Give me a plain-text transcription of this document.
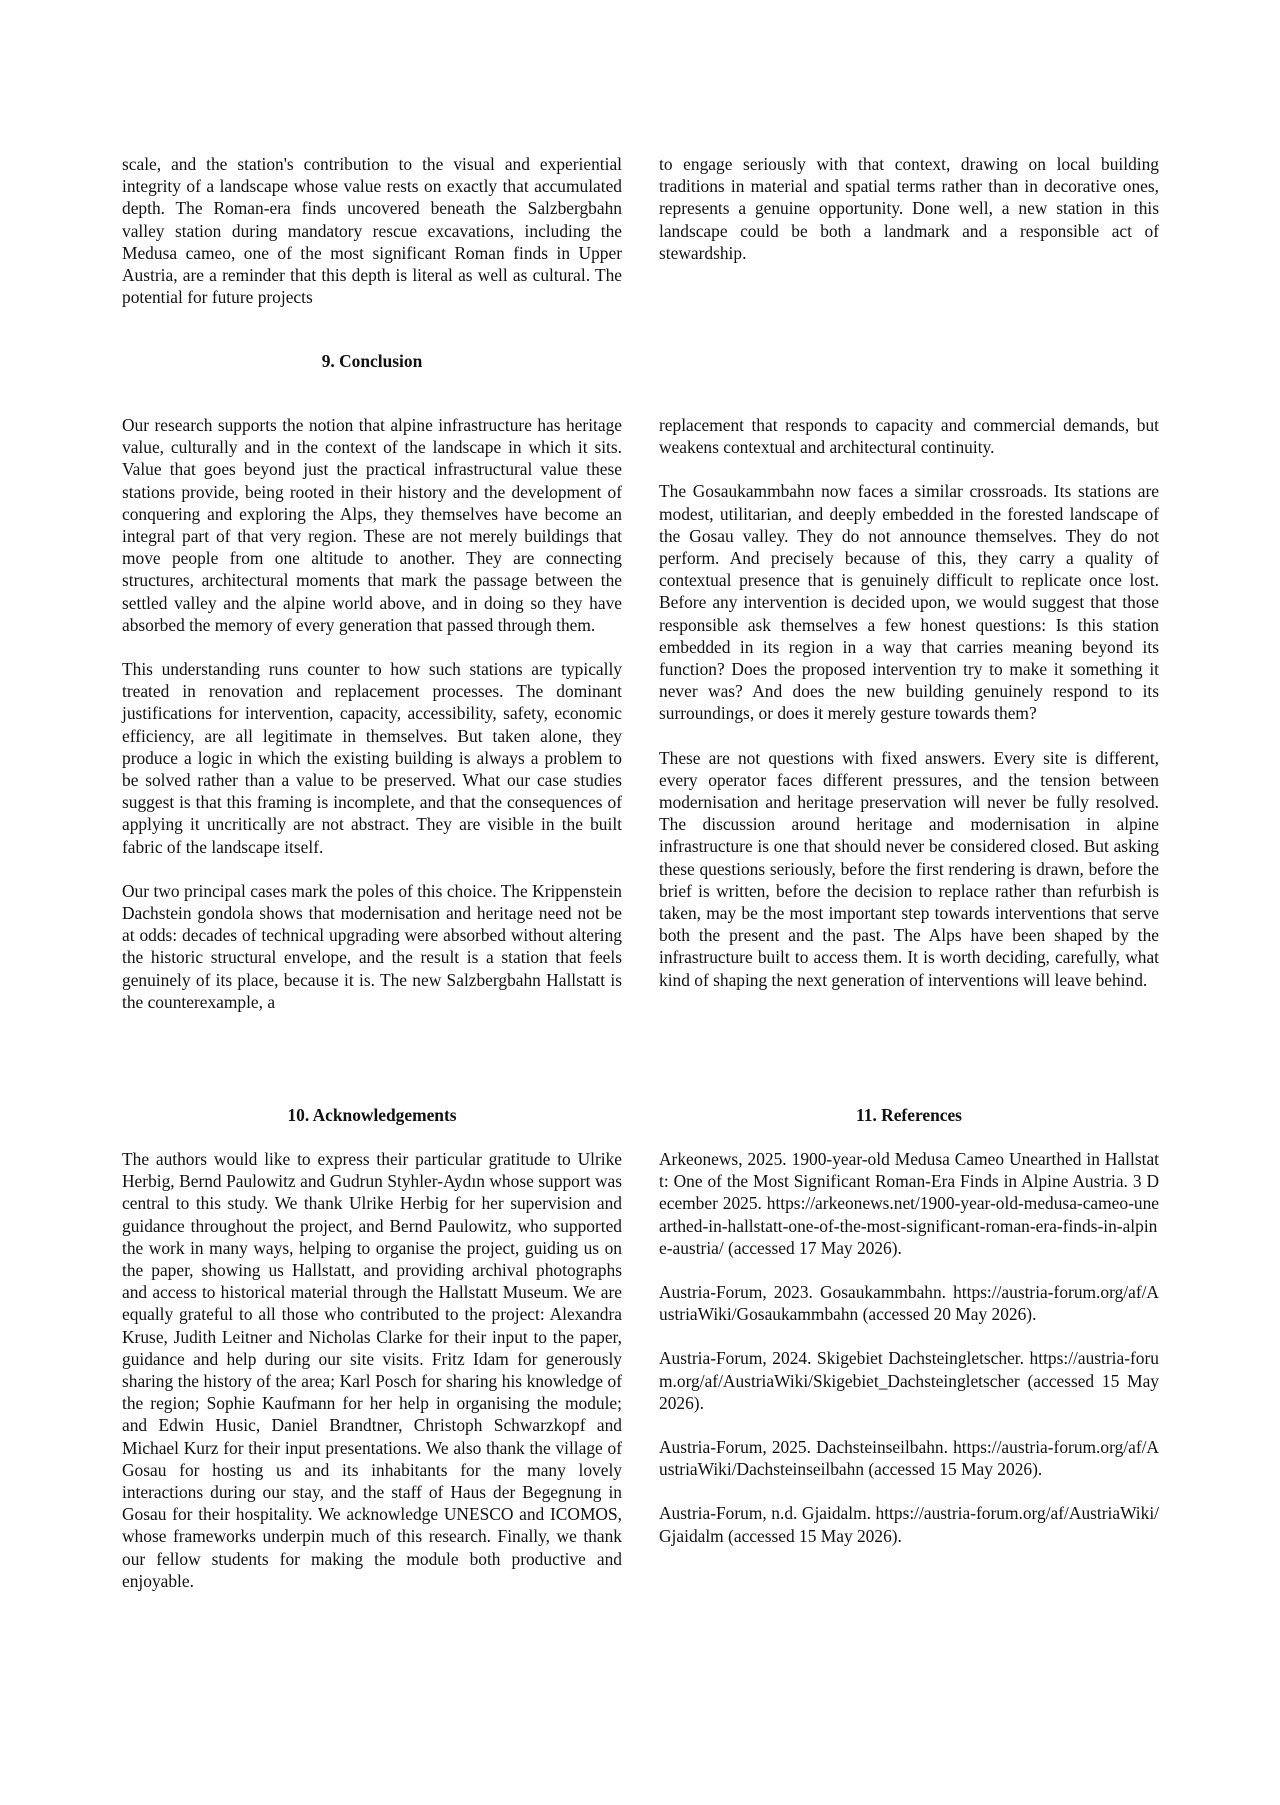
scale, and the station's contribution to the visual and experiential integrity of a landscape whose value rests on exactly that accumulated depth. The Roman-era finds uncovered beneath the Salzbergbahn valley station during mandatory rescue excavations, including the Medusa cameo, one of the most significant Roman finds in Upper Austria, are a reminder that this depth is literal as well as cultural. The potential for future projects

to engage seriously with that context, drawing on local building traditions in material and spatial terms rather than in decorative ones, represents a genuine opportunity. Done well, a new station in this landscape could be both a landmark and a responsible act of stewardship.

9. Conclusion

Our research supports the notion that alpine infrastructure has heritage value, culturally and in the context of the landscape in which it sits. Value that goes beyond just the practical infrastructural value these stations provide, being rooted in their history and the development of conquering and exploring the Alps, they themselves have become an integral part of that very region. These are not merely buildings that move people from one altitude to another. They are connecting structures, architectural moments that mark the passage between the settled valley and the alpine world above, and in doing so they have absorbed the memory of every generation that passed through them.

This understanding runs counter to how such stations are typically treated in renovation and replacement processes. The dominant justifications for intervention, capacity, accessibility, safety, economic efficiency, are all legitimate in themselves. But taken alone, they produce a logic in which the existing building is always a problem to be solved rather than a value to be preserved. What our case studies suggest is that this framing is incomplete, and that the consequences of applying it uncritically are not abstract. They are visible in the built fabric of the landscape itself.

Our two principal cases mark the poles of this choice. The Krippenstein Dachstein gondola shows that modernisation and heritage need not be at odds: decades of technical upgrading were absorbed without altering the historic structural envelope, and the result is a station that feels genuinely of its place, because it is. The new Salzbergbahn Hallstatt is the counterexample, a

replacement that responds to capacity and commercial demands, but weakens contextual and architectural continuity.

The Gosaukammbahn now faces a similar crossroads. Its stations are modest, utilitarian, and deeply embedded in the forested landscape of the Gosau valley. They do not announce themselves. They do not perform. And precisely because of this, they carry a quality of contextual presence that is genuinely difficult to replicate once lost. Before any intervention is decided upon, we would suggest that those responsible ask themselves a few honest questions: Is this station embedded in its region in a way that carries meaning beyond its function? Does the proposed intervention try to make it something it never was? And does the new building genuinely respond to its surroundings, or does it merely gesture towards them?

These are not questions with fixed answers. Every site is different, every operator faces different pressures, and the tension between modernisation and heritage preservation will never be fully resolved. The discussion around heritage and modernisation in alpine infrastructure is one that should never be considered closed. But asking these questions seriously, before the first rendering is drawn, before the brief is written, before the decision to replace rather than refurbish is taken, may be the most important step towards interventions that serve both the present and the past. The Alps have been shaped by the infrastructure built to access them. It is worth deciding, carefully, what kind of shaping the next generation of interventions will leave behind.

10. Acknowledgements

The authors would like to express their particular gratitude to Ulrike Herbig, Bernd Paulowitz and Gudrun Styhler-Aydın whose support was central to this study. We thank Ulrike Herbig for her supervision and guidance throughout the project, and Bernd Paulowitz, who supported the work in many ways, helping to organise the project, guiding us on the paper, showing us Hallstatt, and providing archival photographs and access to historical material through the Hallstatt Museum. We are equally grateful to all those who contributed to the project: Alexandra Kruse, Judith Leitner and Nicholas Clarke for their input to the paper, guidance and help during our site visits. Fritz Idam for generously sharing the history of the area; Karl Posch for sharing his knowledge of the region; Sophie Kaufmann for her help in organising the module; and Edwin Husic, Daniel Brandtner, Christoph Schwarzkopf and Michael Kurz for their input presentations. We also thank the village of Gosau for hosting us and its inhabitants for the many lovely interactions during our stay, and the staff of Haus der Begegnung in Gosau for their hospitality. We acknowledge UNESCO and ICOMOS, whose frameworks underpin much of this research. Finally, we thank our fellow students for making the module both productive and enjoyable.

11. References

Arkeonews, 2025. 1900-year-old Medusa Cameo Unearthed in Hallstatt: One of the Most Significant Roman-Era Finds in Alpine Austria. 3 December 2025. https://arkeonews.net/1900-year-old-medusa-cameo-unearthed-in-hallstatt-one-of-the-most-significant-roman-era-finds-in-alpine-austria/ (accessed 17 May 2026).

Austria-Forum, 2023. Gosaukammbahn. https://austria-forum.org/af/AustriaWiki/Gosaukammbahn (accessed 20 May 2026).

Austria-Forum, 2024. Skigebiet Dachsteingletscher. https://austria-forum.org/af/AustriaWiki/Skigebiet_Dachsteingletscher (accessed 15 May 2026).

Austria-Forum, 2025. Dachsteinseilbahn. https://austria-forum.org/af/AustriaWiki/Dachsteinseilbahn (accessed 15 May 2026).

Austria-Forum, n.d. Gjaidalm. https://austria-forum.org/af/AustriaWiki/Gjaidalm (accessed 15 May 2026).
